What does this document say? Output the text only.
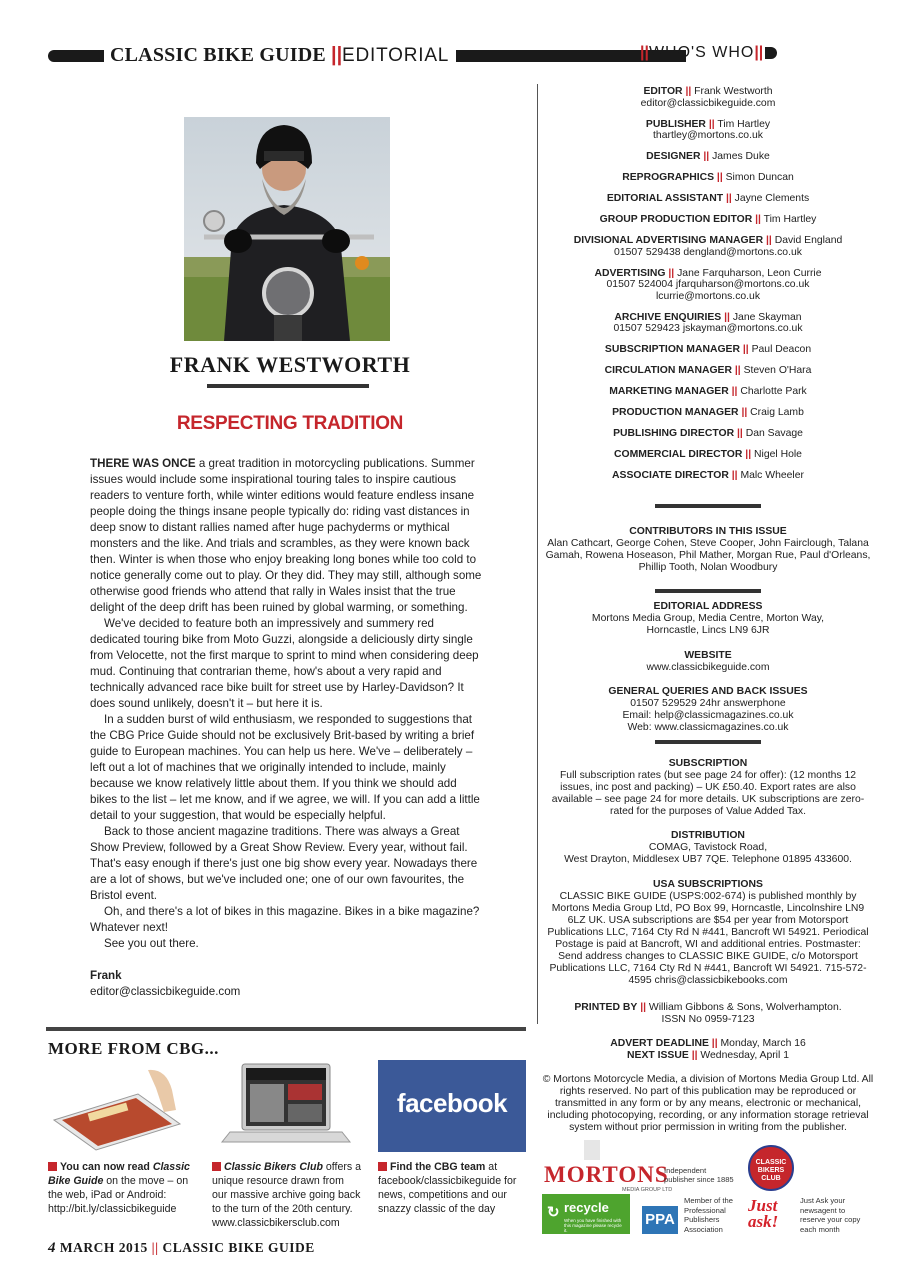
CLASSIC BIKE GUIDE || EDITORIAL	||WHO'S WHO||
FRANK WESTWORTH
RESPECTING TRADITION

THERE WAS ONCE a great tradition in motorcycling publications. Summer issues would include some inspirational touring tales to inspire cautious readers to venture forth, while winter editions would feature endless insane people doing the things insane people typically do: riding vast distances in deep snow to distant rallies named after huge pachyderms or mythical monsters and the like. And trials and scrambles, as they were known back then. Winter is when those who enjoy breaking long bones while too cold to notice generally come out to play. Or they did. They may still, although some otherwise good friends who attend that rally in Wales insist that the true delight of the deep drift has been ruined by global warming, or something.

We've decided to feature both an impressively and summery red dedicated touring bike from Moto Guzzi, alongside a deliciously dirty single from Velocette, not the first marque to sprint to mind when considering deep mud. Continuing that contrarian theme, how's about a very rapid and technically advanced race bike built for street use by Harley-Davidson? It does sound unlikely, doesn't it – but here it is.

In a sudden burst of wild enthusiasm, we responded to suggestions that the CBG Price Guide should not be exclusively Brit-based by writing a brief guide to European machines. You can help us here. We've – deliberately – left out a lot of machines that we originally intended to include, mainly because we know relatively little about them. If you think we should add bikes to the list – let me know, and if we agree, we will. If you can add a little detail to your suggestion, that would be especially helpful.

Back to those ancient magazine traditions. There was always a Great Show Preview, followed by a Great Show Review. Every year, without fail. That's easy enough if there's just one big show every year. Nowadays there are a lot of shows, but we've included one; one of our own favourites, the Bristol event.

Oh, and there's a lot of bikes in this magazine. Bikes in a bike magazine? Whatever next!

See you out there.

Frank

editor@classicbikeguide.com

MORE FROM CBG...
facebook
You can now read Classic Bike Guide on the move – on the web, iPad or Android: http://bit.ly/classicbikeguide
Classic Bikers Club offers a unique resource drawn from our massive archive going back to the turn of the 20th century. www.classicbikersclub.com
Find the CBG team at facebook/classicbikeguide for news, competitions and our snazzy classic of the day
EDITOR || Frank Westworth
editor@classicbikeguide.com
PUBLISHER || Tim Hartley
thartley@mortons.co.uk
DESIGNER || James Duke
REPROGRAPHICS || Simon Duncan
EDITORIAL ASSISTANT || Jayne Clements
GROUP PRODUCTION EDITOR || Tim Hartley
DIVISIONAL ADVERTISING MANAGER || David England
01507 529438 dengland@mortons.co.uk
ADVERTISING || Jane Farquharson, Leon Currie
01507 524004 jfarquharson@mortons.co.uk
lcurrie@mortons.co.uk
ARCHIVE ENQUIRIES || Jane Skayman
01507 529423 jskayman@mortons.co.uk
SUBSCRIPTION MANAGER || Paul Deacon
CIRCULATION MANAGER || Steven O'Hara
MARKETING MANAGER || Charlotte Park
PRODUCTION MANAGER || Craig Lamb
PUBLISHING DIRECTOR || Dan Savage
COMMERCIAL DIRECTOR || Nigel Hole
ASSOCIATE DIRECTOR || Malc Wheeler
CONTRIBUTORS IN THIS ISSUE
Alan Cathcart, George Cohen, Steve Cooper, John Fairclough, Talana Gamah, Rowena Hoseason, Phil Mather, Morgan Rue, Paul d'Orleans, Phillip Tooth, Nolan Woodbury
EDITORIAL ADDRESS
Mortons Media Group, Media Centre, Morton Way,
Horncastle, Lincs LN9 6JR
WEBSITE
www.classicbikeguide.com
GENERAL QUERIES AND BACK ISSUES
01507 529529 24hr answerphone
Email: help@classicmagazines.co.uk
Web: www.classicmagazines.co.uk
SUBSCRIPTION
Full subscription rates (but see page 24 for offer): (12 months 12 issues, inc post and packing) – UK £50.40. Export rates are also available – see page 24 for more details. UK subscriptions are zero-rated for the purposes of Value Added Tax.
DISTRIBUTION
COMAG, Tavistock Road,
West Drayton, Middlesex UB7 7QE. Telephone 01895 433600.
USA SUBSCRIPTIONS
CLASSIC BIKE GUIDE (USPS:002-674) is published monthly by Mortons Media Group Ltd, PO Box 99, Horncastle, Lincolnshire LN9 6LZ UK. USA subscriptions are $54 per year from Motorsport Publications LLC, 7164 Cty Rd N #441, Bancroft WI 54921. Periodical Postage is paid at Bancroft, WI and additional entries. Postmaster: Send address changes to CLASSIC BIKE GUIDE, c/o Motorsport Publications LLC, 7164 Cty Rd N #441, Bancroft WI 54921. 715-572-4595 chris@classicbikebooks.com
PRINTED BY || William Gibbons & Sons, Wolverhampton.
ISSN No 0959-7123
ADVERT DEADLINE || Monday, March 16
NEXT ISSUE || Wednesday, April 1
© Mortons Motorcycle Media, a division of Mortons Media Group Ltd. All rights reserved. No part of this publication may be reproduced or transmitted in any form or by any means, electronic or mechanical, including photocopying, recording, or any information storage retrieval system without prior permission in writing from the publisher.
MORTONS
MEDIA GROUP LTD
Independent publisher since 1885
CLASSIC BIKERS CLUB
↻ recycle
When you have finished with this magazine please recycle it.
PPA
Member of the Professional Publishers Association
Just ask!
Just Ask your newsagent to reserve your copy each month
4 MARCH 2015 || CLASSIC BIKE GUIDE
